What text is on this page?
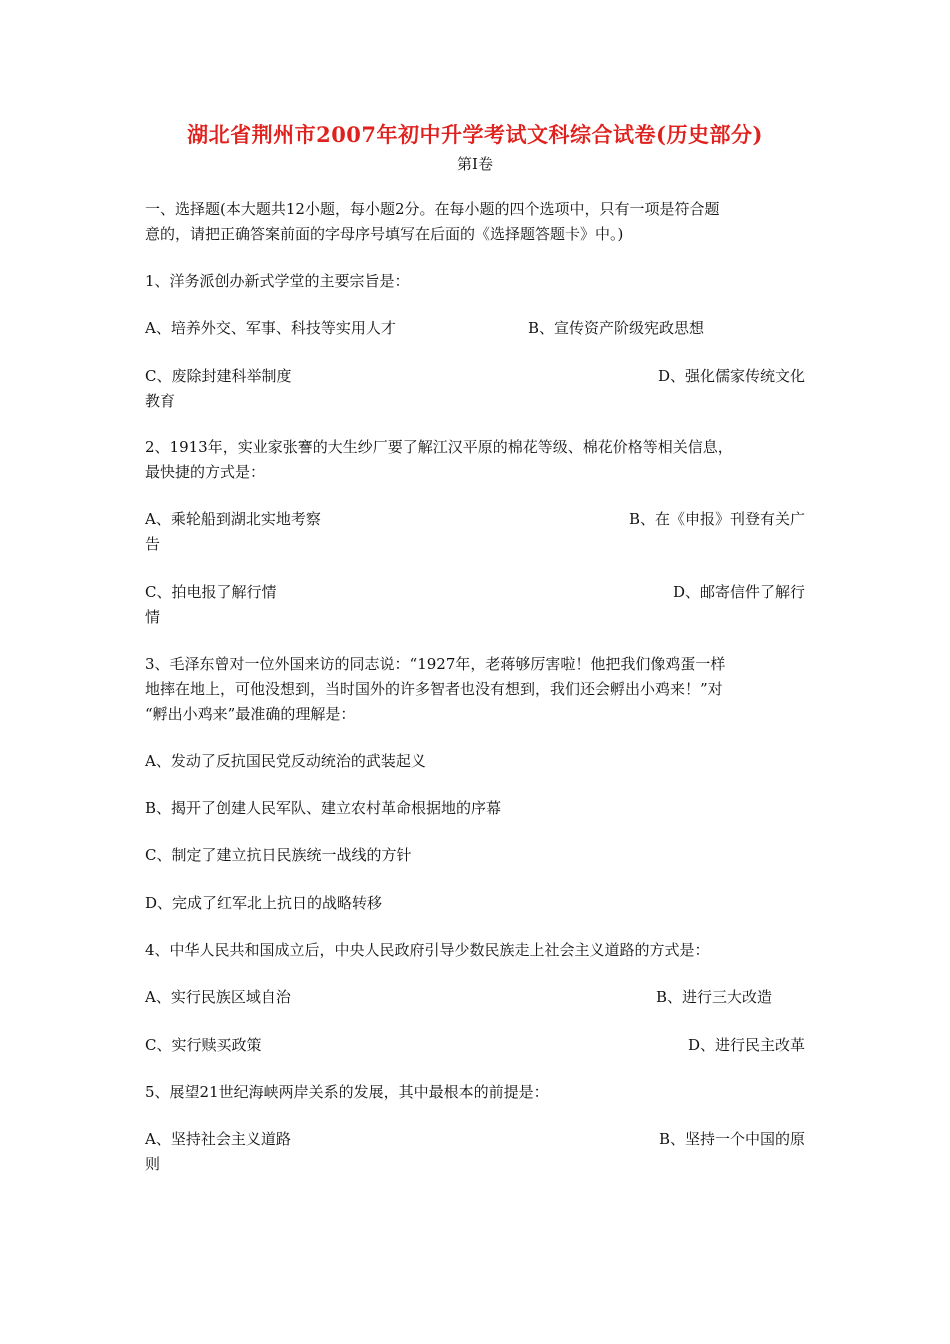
湖北省荆州市2007年初中升学考试文科综合试卷(历史部分)
第Ⅰ卷
一、选择题(本大题共12小题，每小题2分。在每小题的四个选项中，只有一项是符合题
意的，请把正确答案前面的字母序号填写在后面的《选择题答题卡》中。)
1、洋务派创办新式学堂的主要宗旨是：
A、培养外交、军事、科技等实用人才	B、宣传资产阶级宪政思想
C、废除封建科举制度	D、强化儒家传统文化
教育
2、1913年，实业家张謇的大生纱厂要了解江汉平原的棉花等级、棉花价格等相关信息，
最快捷的方式是：
A、乘轮船到湖北实地考察	B、在《申报》刊登有关广
告
C、拍电报了解行情	D、邮寄信件了解行
情
3、毛泽东曾对一位外国来访的同志说：“1927年，老蒋够厉害啦！他把我们像鸡蛋一样
地摔在地上，可他没想到，当时国外的许多智者也没有想到，我们还会孵出小鸡来！”对
“孵出小鸡来”最准确的理解是：
A、发动了反抗国民党反动统治的武装起义
B、揭开了创建人民军队、建立农村革命根据地的序幕
C、制定了建立抗日民族统一战线的方针
D、完成了红军北上抗日的战略转移
4、中华人民共和国成立后，中央人民政府引导少数民族走上社会主义道路的方式是：
A、实行民族区域自治	B、进行三大改造
C、实行赎买政策	D、进行民主改革
5、展望21世纪海峡两岸关系的发展，其中最根本的前提是：
A、坚持社会主义道路	B、坚持一个中国的原
则
